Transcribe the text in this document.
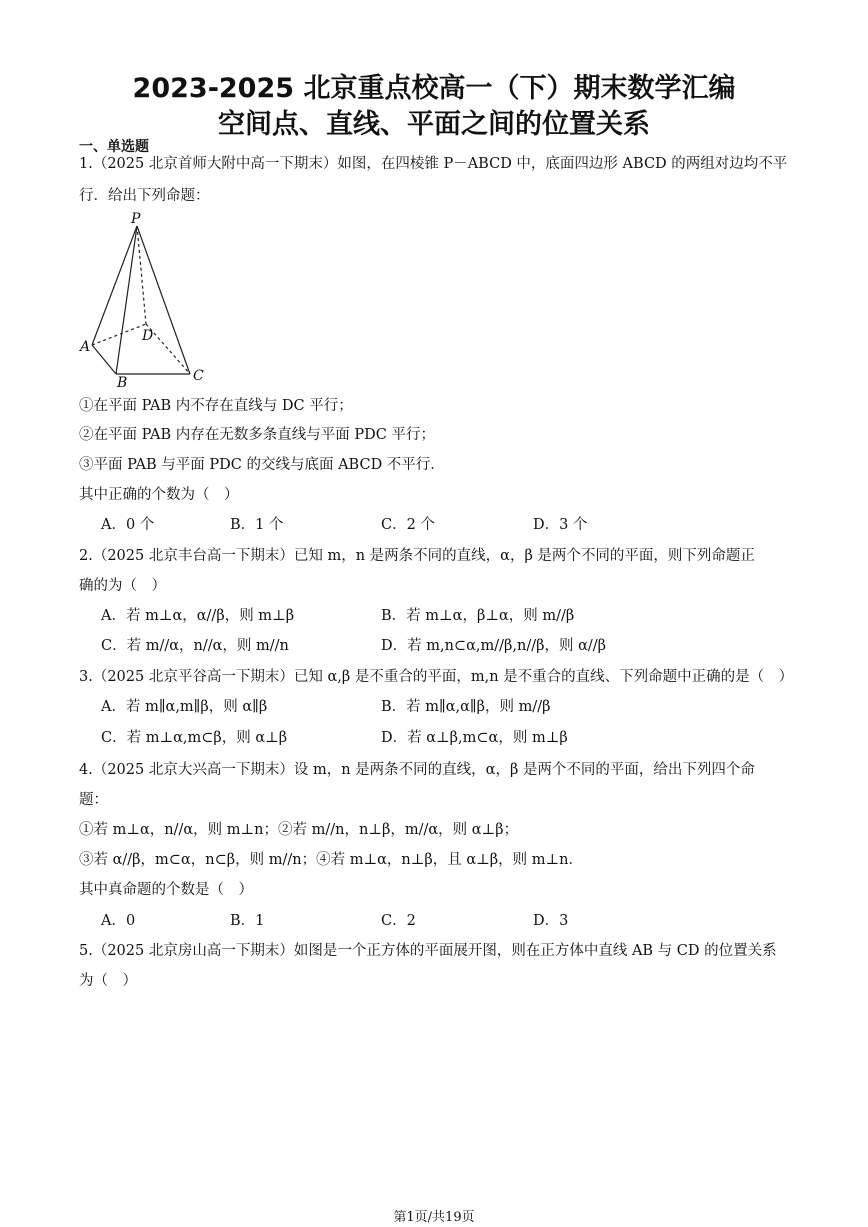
2023-2025 北京重点校高一（下）期末数学汇编
空间点、直线、平面之间的位置关系
一、单选题
1.（2025 北京首师大附中高一下期末）如图，在四棱锥 P－ABCD 中，底面四边形 ABCD 的两组对边均不平
行．给出下列命题：
P
A
B	C
D
①在平面 PAB 内不存在直线与 DC 平行；
②在平面 PAB 内存在无数多条直线与平面 PDC 平行；
③平面 PAB 与平面 PDC 的交线与底面 ABCD 不平行．
其中正确的个数为（　）
A．0 个	B．1 个	C．2 个	D．3 个
2.（2025 北京丰台高一下期末）已知 m，n 是两条不同的直线，α，β 是两个不同的平面，则下列命题正
确的为（　）
A．若 m⊥α，α//β，则 m⊥β	B．若 m⊥α，β⊥α，则 m//β
C．若 m//α，n//α，则 m//n	D．若 m,n⊂α,m//β,n//β，则 α//β
3.（2025 北京平谷高一下期末）已知 α,β 是不重合的平面，m,n 是不重合的直线、下列命题中正确的是（　）
A．若 m∥α,m∥β，则 α∥β	B．若 m∥α,α∥β，则 m//β
C．若 m⊥α,m⊂β，则 α⊥β	D．若 α⊥β,m⊂α，则 m⊥β
4.（2025 北京大兴高一下期末）设 m，n 是两条不同的直线，α，β 是两个不同的平面，给出下列四个命
题：
①若 m⊥α，n//α，则 m⊥n；②若 m//n，n⊥β，m//α，则 α⊥β；
③若 α//β，m⊂α，n⊂β，则 m//n；④若 m⊥α，n⊥β，且 α⊥β，则 m⊥n．
其中真命题的个数是（　）
A．0	B．1	C．2	D．3
5.（2025 北京房山高一下期末）如图是一个正方体的平面展开图，则在正方体中直线 AB 与 CD 的位置关系
为（　）
第1页/共19页
